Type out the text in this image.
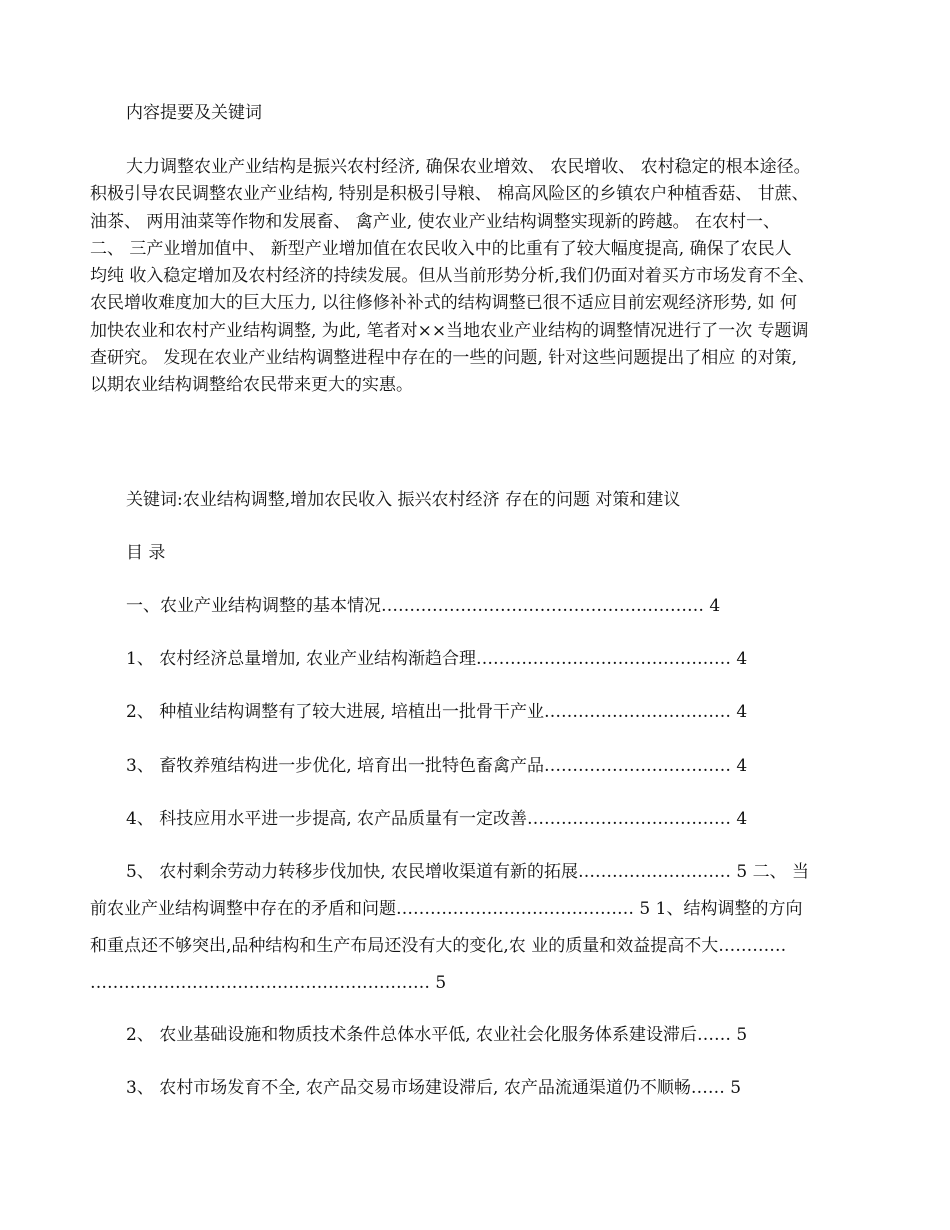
内容提要及关键词
大力调整农业产业结构是振兴农村经济, 确保农业增效、 农民增收、 农村稳定的根本途径。
积极引导农民调整农业产业结构, 特别是积极引导粮、 棉高风险区的乡镇农户种植香菇、 甘蔗、
油茶、 两用油菜等作物和发展畜、 禽产业, 使农业产业结构调整实现新的跨越。 在农村一、
二、 三产业增加值中、 新型产业增加值在农民收入中的比重有了较大幅度提高, 确保了农民人
均纯 收入稳定增加及农村经济的持续发展。但从当前形势分析,我们仍面对着买方市场发育不全、
农民增收难度加大的巨大压力, 以往修修补补式的结构调整已很不适应目前宏观经济形势, 如 何
加快农业和农村产业结构调整, 为此, 笔者对××当地农业产业结构的调整情况进行了一次 专题调
查研究。 发现在农业产业结构调整进程中存在的一些的问题, 针对这些问题提出了相应 的对策,
以期农业结构调整给农民带来更大的实惠。
关键词:农业结构调整,增加农民收入 振兴农村经济 存在的问题 对策和建议
目 录
一、农业产业结构调整的基本情况………………………………………………… 4
1、 农村经济总量增加, 农业产业结构渐趋合理……………………………………… 4
2、 种植业结构调整有了较大进展, 培植出一批骨干产业…………………………… 4
3、 畜牧养殖结构进一步优化, 培育出一批特色畜禽产品…………………………… 4
4、 科技应用水平进一步提高, 农产品质量有一定改善……………………………… 4
5、 农村剩余劳动力转移步伐加快, 农民增收渠道有新的拓展……………………… 5 二、 当
前农业产业结构调整中存在的矛盾和问题…………………………………… 5 1、结构调整的方向
和重点还不够突出,品种结构和生产布局还没有大的变化,农 业的质量和效益提高不大…………
…………………………………………………… 5
2、 农业基础设施和物质技术条件总体水平低, 农业社会化服务体系建设滞后…… 5
3、 农村市场发育不全, 农产品交易市场建设滞后, 农产品流通渠道仍不顺畅…… 5
